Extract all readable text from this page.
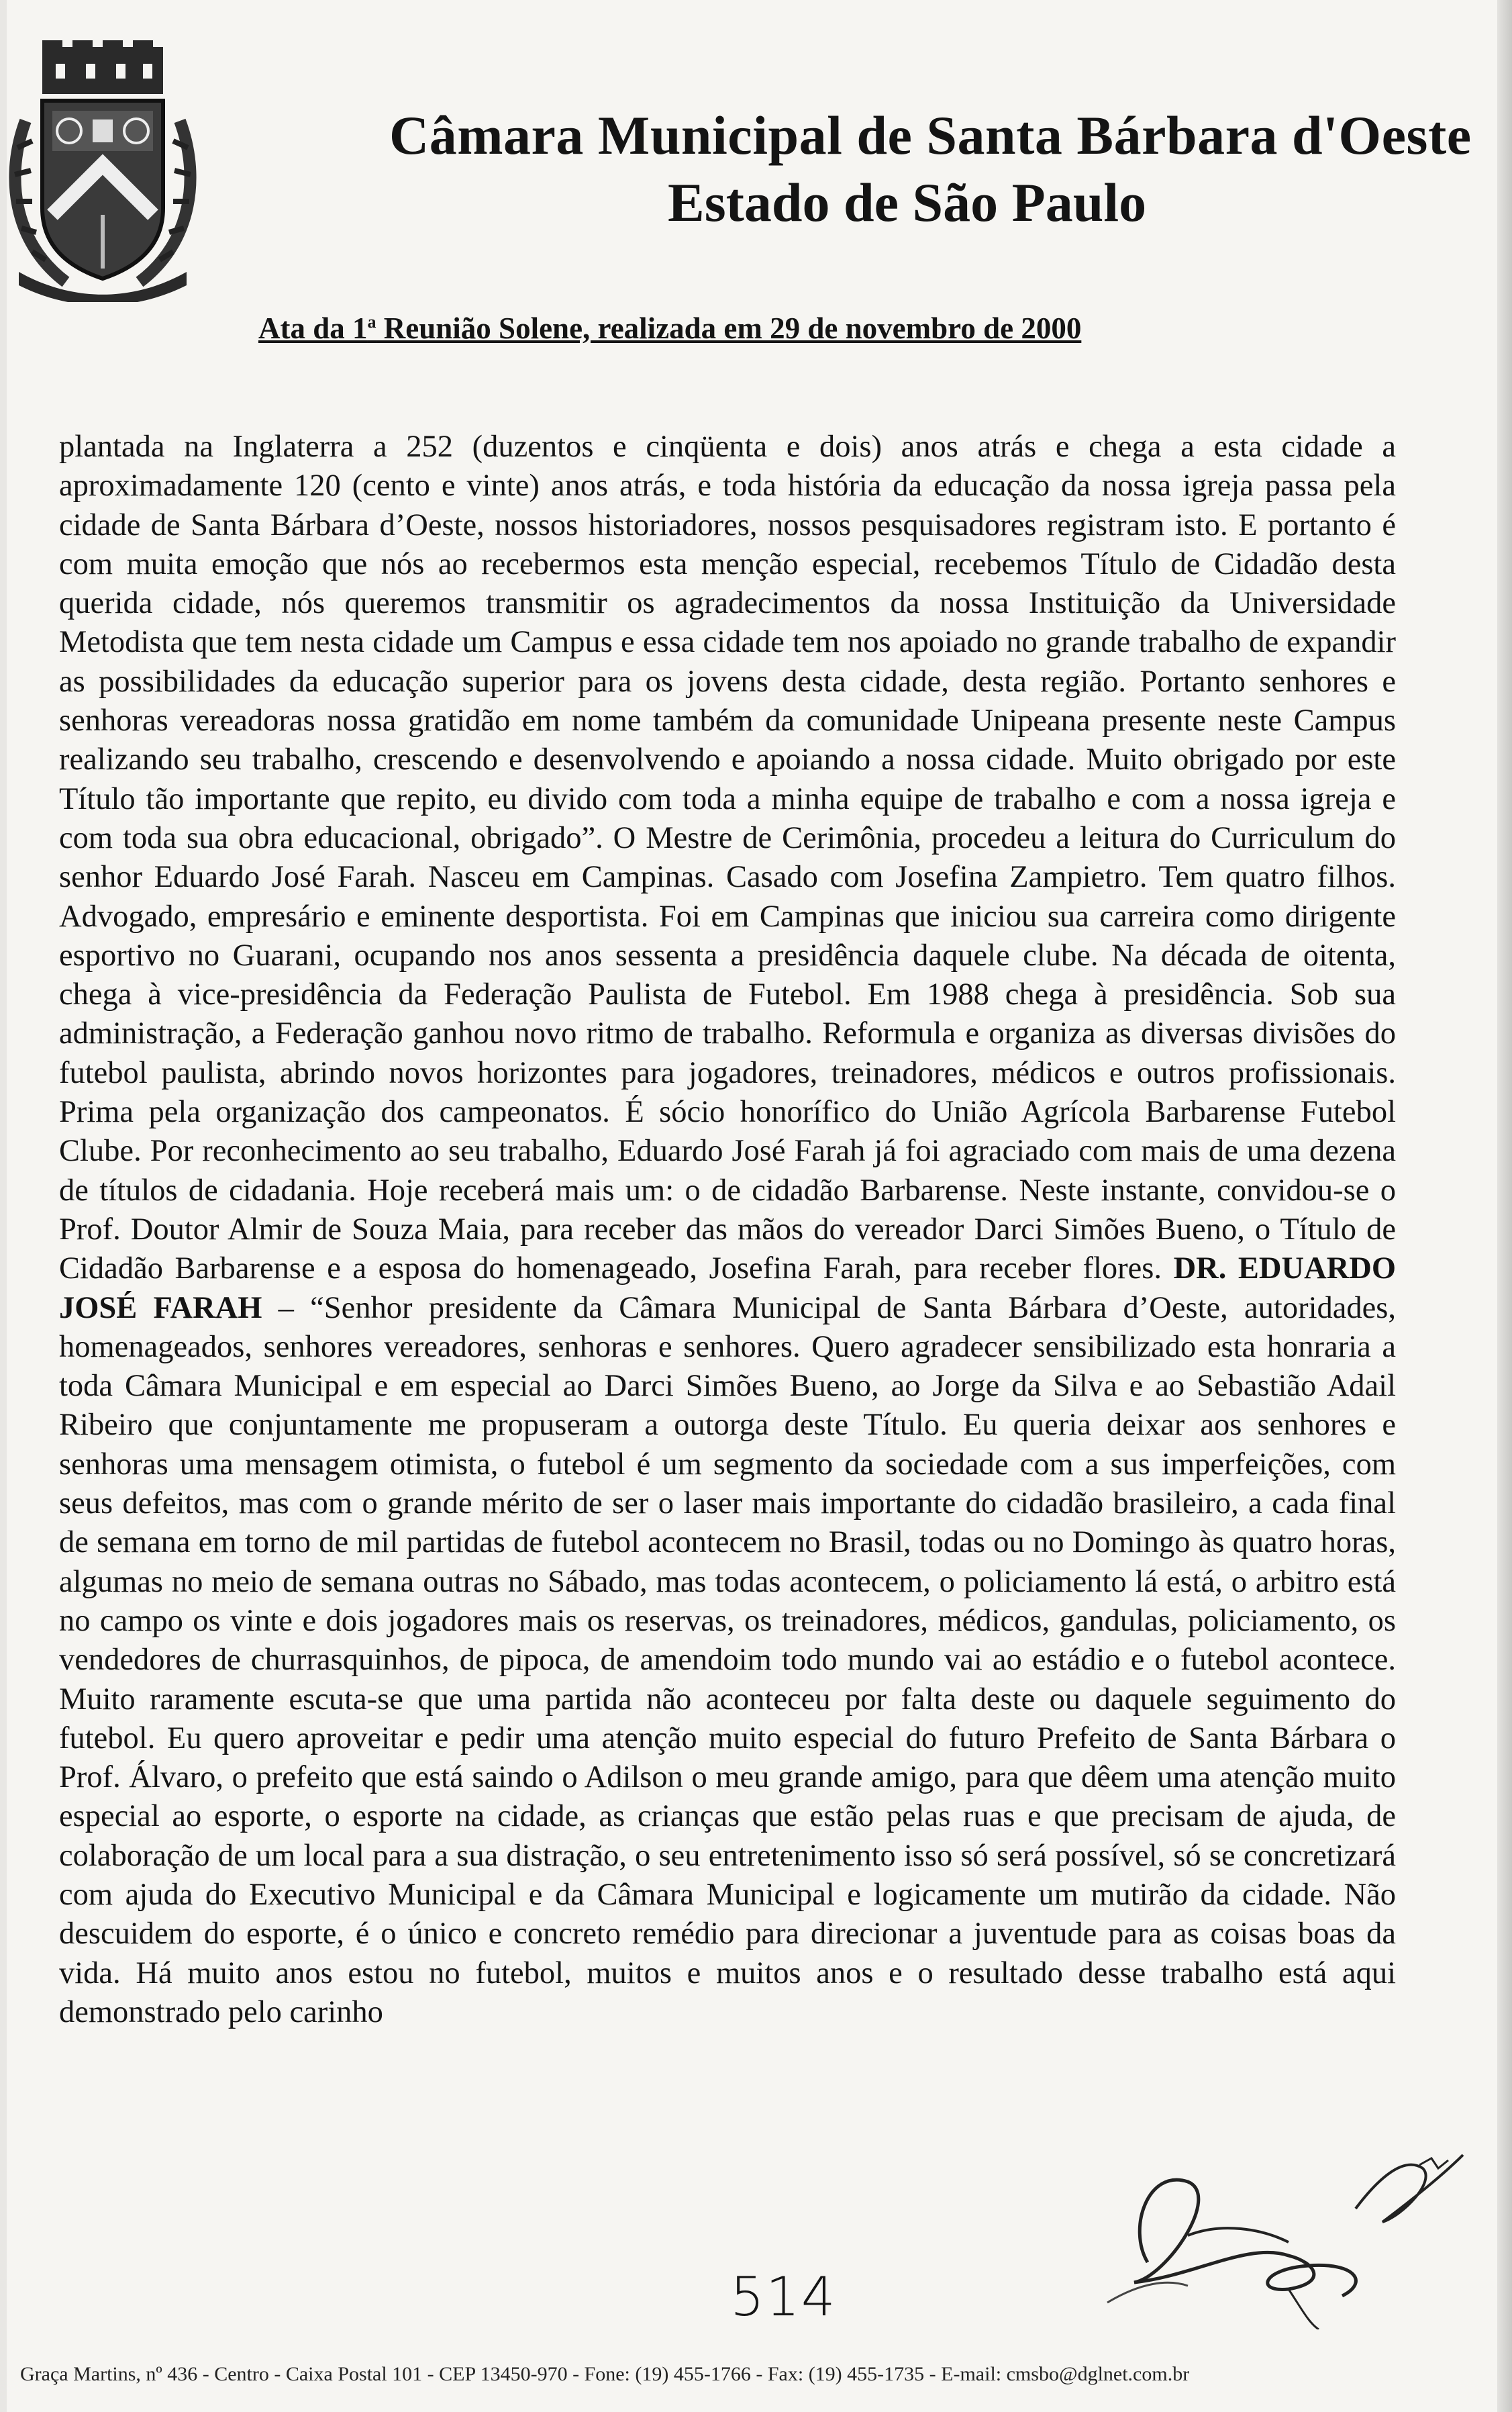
Câmara Municipal de Santa Bárbara d'Oeste
Estado de São Paulo
Ata da 1$^a$ Reunião Solene, realizada em 29 de novembro de 2000
plantada na Inglaterra a 252 (duzentos e cinqüenta e dois) anos atrás e chega a esta cidade a aproximadamente 120 (cento e vinte) anos atrás, e toda história da educação da nossa igreja passa pela cidade de Santa Bárbara d’Oeste, nossos historiadores, nossos pesquisadores registram isto. E portanto é com muita emoção que nós ao recebermos esta menção especial, recebemos Título de Cidadão desta querida cidade, nós queremos transmitir os agradecimentos da nossa Instituição da Universidade Metodista que tem nesta cidade um Campus e essa cidade tem nos apoiado no grande trabalho de expandir as possibilidades da educação superior para os jovens desta cidade, desta região. Portanto senhores e senhoras vereadoras nossa gratidão em nome também da comunidade Unipeana presente neste Campus realizando seu trabalho, crescendo e desenvolvendo e apoiando a nossa cidade. Muito obrigado por este Título tão importante que repito, eu divido com toda a minha equipe de trabalho e com a nossa igreja e com toda sua obra educacional, obrigado”. O Mestre de Cerimônia, procedeu a leitura do Curriculum do senhor Eduardo José Farah. Nasceu em Campinas. Casado com Josefina Zampietro. Tem quatro filhos. Advogado, empresário e eminente desportista. Foi em Campinas que iniciou sua carreira como dirigente esportivo no Guarani, ocupando nos anos sessenta a presidência daquele clube. Na década de oitenta, chega à vice-presidência da Federação Paulista de Futebol. Em 1988 chega à presidência. Sob sua administração, a Federação ganhou novo ritmo de trabalho. Reformula e organiza as diversas divisões do futebol paulista, abrindo novos horizontes para jogadores, treinadores, médicos e outros profissionais. Prima pela organização dos campeonatos. É sócio honorífico do União Agrícola Barbarense Futebol Clube. Por reconhecimento ao seu trabalho, Eduardo José Farah já foi agraciado com mais de uma dezena de títulos de cidadania. Hoje receberá mais um: o de cidadão Barbarense. Neste instante, convidou-se o Prof. Doutor Almir de Souza Maia, para receber das mãos do vereador Darci Simões Bueno, o Título de Cidadão Barbarense e a esposa do homenageado, Josefina Farah, para receber flores. DR. EDUARDO JOSÉ FARAH – “Senhor presidente da Câmara Municipal de Santa Bárbara d’Oeste, autoridades, homenageados, senhores vereadores, senhoras e senhores. Quero agradecer sensibilizado esta honraria a toda Câmara Municipal e em especial ao Darci Simões Bueno, ao Jorge da Silva e ao Sebastião Adail Ribeiro que conjuntamente me propuseram a outorga deste Título. Eu queria deixar aos senhores e senhoras uma mensagem otimista, o futebol é um segmento da sociedade com a sus imperfeições, com seus defeitos, mas com o grande mérito de ser o laser mais importante do cidadão brasileiro, a cada final de semana em torno de mil partidas de futebol acontecem no Brasil, todas ou no Domingo às quatro horas, algumas no meio de semana outras no Sábado, mas todas acontecem, o policiamento lá está, o arbitro está no campo os vinte e dois jogadores mais os reservas, os treinadores, médicos, gandulas, policiamento, os vendedores de churrasquinhos, de pipoca, de amendoim todo mundo vai ao estádio e o futebol acontece. Muito raramente escuta-se que uma partida não aconteceu por falta deste ou daquele seguimento do futebol. Eu quero aproveitar e pedir uma atenção muito especial do futuro Prefeito de Santa Bárbara o Prof. Álvaro, o prefeito que está saindo o Adilson o meu grande amigo, para que dêem uma atenção muito especial ao esporte, o esporte na cidade, as crianças que estão pelas ruas e que precisam de ajuda, de colaboração de um local para a sua distração, o seu entretenimento isso só será possível, só se concretizará com ajuda do Executivo Municipal e da Câmara Municipal e logicamente um mutirão da cidade. Não descuidem do esporte, é o único e concreto remédio para direcionar a juventude para as coisas boas da vida. Há muito anos estou no futebol, muitos e muitos anos e o resultado desse trabalho está aqui demonstrado pelo carinho
514
Graça Martins, nº 436 - Centro - Caixa Postal 101 - CEP 13450-970 - Fone: (19) 455-1766 - Fax: (19) 455-1735 - E-mail: cmsbo@dglnet.com.br
